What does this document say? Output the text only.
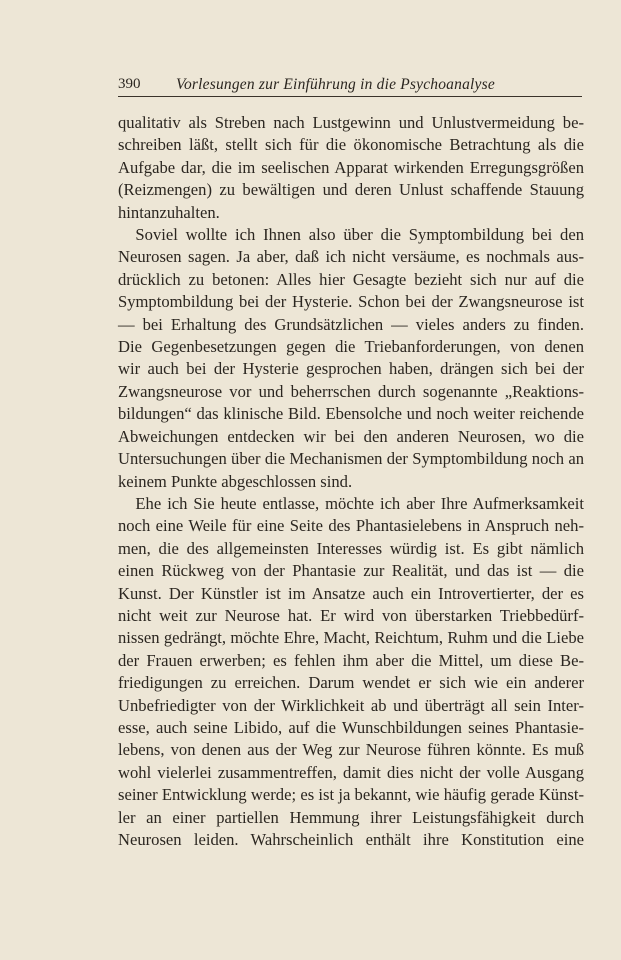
390 Vorlesungen zur Einführung in die Psychoanalyse
qualitativ als Streben nach Lustgewinn und Unlustvermeidung be-
schreiben läßt, stellt sich für die ökonomische Betrachtung als die
Aufgabe dar, die im seelischen Apparat wirkenden Erregungsgrößen
(Reizmengen) zu bewältigen und deren Unlust schaffende Stauung
hintanzuhalten.
Soviel wollte ich Ihnen also über die Symptombildung bei den
Neurosen sagen. Ja aber, daß ich nicht versäume, es nochmals aus-
drücklich zu betonen: Alles hier Gesagte bezieht sich nur auf die
Symptombildung bei der Hysterie. Schon bei der Zwangsneurose ist
— bei Erhaltung des Grundsätzlichen — vieles anders zu finden.
Die Gegenbesetzungen gegen die Triebanforderungen, von denen
wir auch bei der Hysterie gesprochen haben, drängen sich bei der
Zwangsneurose vor und beherrschen durch sogenannte „Reaktions-
bildungen“ das klinische Bild. Ebensolche und noch weiter reichende
Abweichungen entdecken wir bei den anderen Neurosen, wo die
Untersuchungen über die Mechanismen der Symptombildung noch an
keinem Punkte abgeschlossen sind.
Ehe ich Sie heute entlasse, möchte ich aber Ihre Aufmerksamkeit
noch eine Weile für eine Seite des Phantasielebens in Anspruch neh-
men, die des allgemeinsten Interesses würdig ist. Es gibt nämlich
einen Rückweg von der Phantasie zur Realität, und das ist — die
Kunst. Der Künstler ist im Ansatze auch ein Introvertierter, der es
nicht weit zur Neurose hat. Er wird von überstarken Triebbedürf-
nissen gedrängt, möchte Ehre, Macht, Reichtum, Ruhm und die Liebe
der Frauen erwerben; es fehlen ihm aber die Mittel, um diese Be-
friedigungen zu erreichen. Darum wendet er sich wie ein anderer
Unbefriedigter von der Wirklichkeit ab und überträgt all sein Inter-
esse, auch seine Libido, auf die Wunschbildungen seines Phantasie-
lebens, von denen aus der Weg zur Neurose führen könnte. Es muß
wohl vielerlei zusammentreffen, damit dies nicht der volle Ausgang
seiner Entwicklung werde; es ist ja bekannt, wie häufig gerade Künst-
ler an einer partiellen Hemmung ihrer Leistungsfähigkeit durch
Neurosen leiden. Wahrscheinlich enthält ihre Konstitution eine
